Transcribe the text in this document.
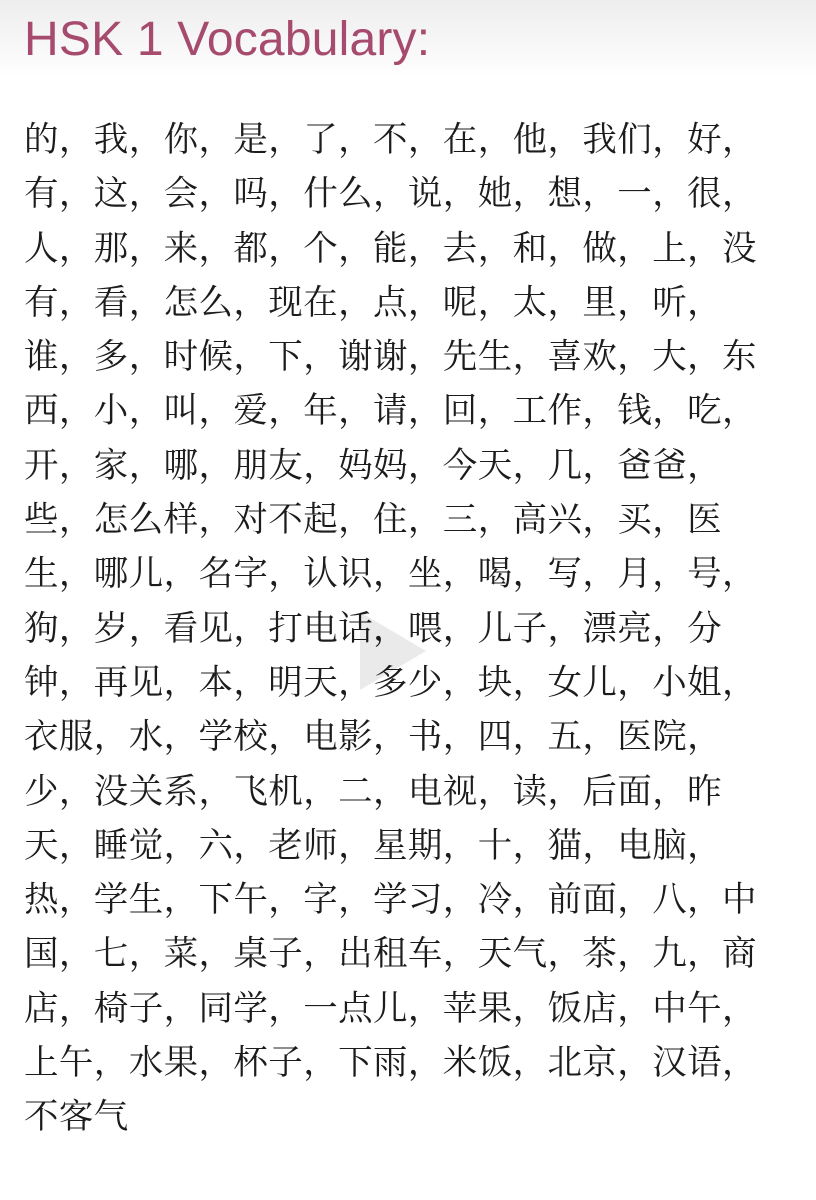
HSK 1 Vocabulary:
的，我，你，是，了，不，在，他，我们，好，
有，这，会，吗，什么，说，她，想，一，很，
人，那，来，都，个，能，去，和，做，上，没
有，看，怎么，现在，点，呢，太，里，听，
谁，多，时候，下，谢谢，先生，喜欢，大，东
西，小，叫，爱，年，请，回，工作，钱，吃，
开，家，哪，朋友，妈妈，今天，几，爸爸，
些，怎么样，对不起，住，三，高兴，买，医
生，哪儿，名字，认识，坐，喝，写，月，号，
狗，岁，看见，打电话，喂，儿子，漂亮，分
钟，再见，本，明天，多少，块，女儿，小姐，
衣服，水，学校，电影，书，四，五，医院，
少，没关系，飞机，二，电视，读，后面，昨
天，睡觉，六，老师，星期，十，猫，电脑，
热，学生，下午，字，学习，冷，前面，八，中
国，七，菜，桌子，出租车，天气，茶，九，商
店，椅子，同学，一点儿，苹果，饭店，中午，
上午，水果，杯子，下雨，米饭，北京，汉语，
不客气
